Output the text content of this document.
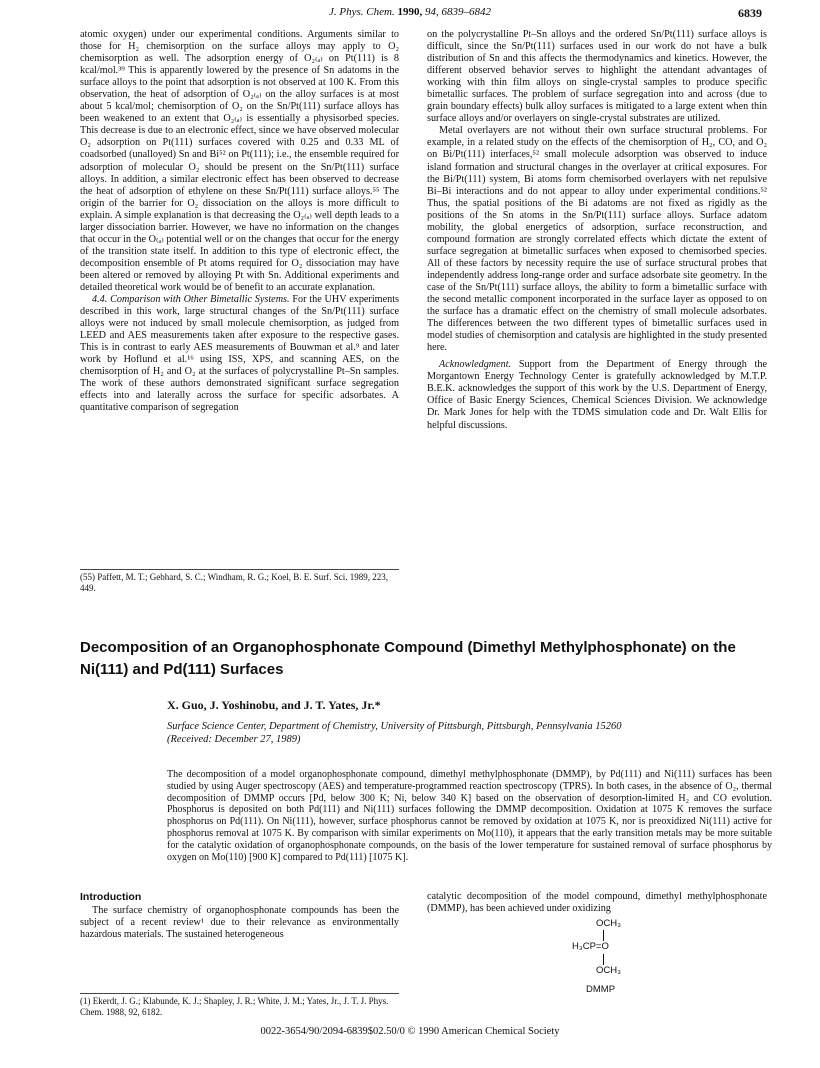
J. Phys. Chem. 1990, 94, 6839–6842	6839

atomic oxygen) under our experimental conditions. Arguments similar to those for H₂ chemisorption on the surface alloys may apply to O₂ chemisorption as well. The adsorption energy of O₂₍ₐ₎ on Pt(111) is 8 kcal/mol.³⁹ This is apparently lowered by the presence of Sn adatoms in the surface alloys to the point that adsorption is not observed at 100 K. From this observation, the heat of adsorption of O₂₍ₐ₎ on the alloy surfaces is at most about 5 kcal/mol; chemisorption of O₂ on the Sn/Pt(111) surface alloys has been weakened to an extent that O₂₍ₐ₎ is essentially a physisorbed species. This decrease is due to an electronic effect, since we have observed molecular O₂ adsorption on Pt(111) surfaces covered with 0.25 and 0.33 ML of coadsorbed (unalloyed) Sn and Bi⁵² on Pt(111); i.e., the ensemble required for adsorption of molecular O₂ should be present on the Sn/Pt(111) surface alloys. In addition, a similar electronic effect has been observed to decrease the heat of adsorption of ethylene on these Sn/Pt(111) surface alloys.⁵⁵ The origin of the barrier for O₂ dissociation on the alloys is more difficult to explain. A simple explanation is that decreasing the O₂₍ₐ₎ well depth leads to a larger dissociation barrier. However, we have no information on the changes that occur in the O₍ₐ₎ potential well or on the changes that occur for the energy of the transition state itself. In addition to this type of electronic effect, the decomposition ensemble of Pt atoms required for O₂ dissociation may have been altered or removed by alloying Pt with Sn. Additional experiments and detailed theoretical work would be of benefit to an accurate explanation.

4.4. Comparison with Other Bimetallic Systems. For the UHV experiments described in this work, large structural changes of the Sn/Pt(111) surface alloys were not induced by small molecule chemisorption, as judged from LEED and AES measurements taken after exposure to the respective gases. This is in contrast to early AES measurements of Bouwman et al.⁹ and later work by Hoflund et al.¹⁶ using ISS, XPS, and scanning AES, on the chemisorption of H₂ and O₂ at the surfaces of polycrystalline Pt–Sn samples. The work of these authors demonstrated significant surface segregation effects into and laterally across the surface for specific adsorbates. A quantitative comparison of segregation

(55) Paffett, M. T.; Gebhard, S. C.; Windham, R. G.; Koel, B. E. Surf. Sci. 1989, 223, 449.

on the polycrystalline Pt–Sn alloys and the ordered Sn/Pt(111) surface alloys is difficult, since the Sn/Pt(111) surfaces used in our work do not have a bulk distribution of Sn and this affects the thermodynamics and kinetics. However, the different observed behavior serves to highlight the attendant advantages of working with thin film alloys on single-crystal samples to produce specific bimetallic surfaces. The problem of surface segregation into and across (due to grain boundary effects) bulk alloy surfaces is mitigated to a large extent when thin surface alloys and/or overlayers on single-crystal substrates are utilized.

Metal overlayers are not without their own surface structural problems. For example, in a related study on the effects of the chemisorption of H₂, CO, and O₂ on Bi/Pt(111) interfaces,⁵² small molecule adsorption was observed to induce island formation and structural changes in the overlayer at critical exposures. For the Bi/Pt(111) system, Bi atoms form chemisorbed overlayers with net repulsive Bi–Bi interactions and do not appear to alloy under experimental conditions.⁵² Thus, the spatial positions of the Bi adatoms are not fixed as rigidly as the positions of the Sn atoms in the Sn/Pt(111) surface alloys. Surface adatom mobility, the global energetics of adsorption, surface reconstruction, and compound formation are strongly correlated effects which dictate the extent of surface segregation at bimetallic surfaces when exposed to chemisorbed species. All of these factors by necessity require the use of surface structural probes that independently address long-range order and surface adsorbate site geometry. In the case of the Sn/Pt(111) surface alloys, the ability to form a bimetallic surface with the second metallic component incorporated in the surface layer as opposed to on the surface has a dramatic effect on the chemistry of small molecule adsorbates. The differences between the two different types of bimetallic surfaces used in model studies of chemisorption and catalysis are highlighted in the study presented here.

Acknowledgment. Support from the Department of Energy through the Morgantown Energy Technology Center is gratefully acknowledged by M.T.P. B.E.K. acknowledges the support of this work by the U.S. Department of Energy, Office of Basic Energy Sciences, Chemical Sciences Division. We acknowledge Dr. Mark Jones for help with the TDMS simulation code and Dr. Walt Ellis for helpful discussions.

Decomposition of an Organophosphonate Compound (Dimethyl Methylphosphonate) on the Ni(111) and Pd(111) Surfaces
X. Guo, J. Yoshinobu, and J. T. Yates, Jr.*
Surface Science Center, Department of Chemistry, University of Pittsburgh, Pittsburgh, Pennsylvania 15260
(Received: December 27, 1989)
The decomposition of a model organophosphonate compound, dimethyl methylphosphonate (DMMP), by Pd(111) and Ni(111) surfaces has been studied by using Auger spectroscopy (AES) and temperature-programmed reaction spectroscopy (TPRS). In both cases, in the absence of O₂, thermal decomposition of DMMP occurs [Pd, below 300 K; Ni, below 340 K] based on the observation of desorption-limited H₂ and CO evolution. Phosphorus is deposited on both Pd(111) and Ni(111) surfaces following the DMMP decomposition. Oxidation at 1075 K removes the surface phosphorus on Pd(111). On Ni(111), however, surface phosphorus cannot be removed by oxidation at 1075 K, nor is preoxidized Ni(111) active for phosphorus removal at 1075 K. By comparison with similar experiments on Mo(110), it appears that the early transition metals may be more suitable for the catalytic oxidation of organophosphonate compounds, on the basis of the lower temperature for sustained removal of surface phosphorus by oxygen on Mo(110) [900 K] compared to Pd(111) [1075 K].
Introduction

The surface chemistry of organophosphonate compounds has been the subject of a recent review¹ due to their relevance as environmentally hazardous materials. The sustained heterogeneous

(1) Ekerdt, J. G.; Klabunde, K. J.; Shapley, J. R.; White, J. M.; Yates, Jr., J. T. J. Phys. Chem. 1988, 92, 6182.
catalytic decomposition of the model compound, dimethyl methylphosphonate (DMMP), has been achieved under oxidizing
OCH₃
H₃CP=O
OCH₃
DMMP
0022-3654/90/2094-6839$02.50/0 © 1990 American Chemical Society
